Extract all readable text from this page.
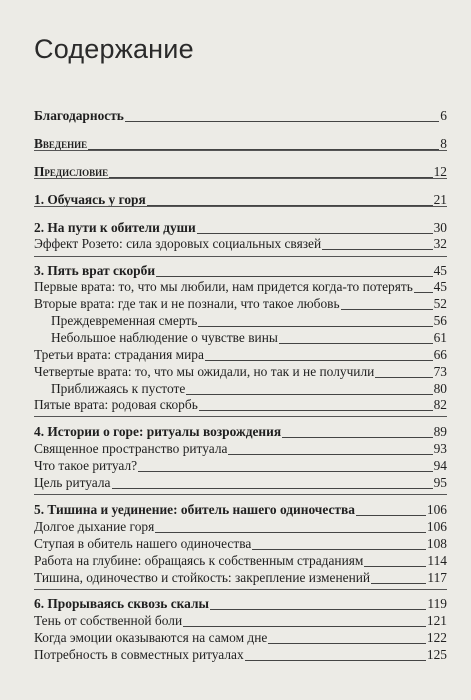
Содержание
Благодарность	6
Введение	8
Предисловие	12
1. Обучаясь у горя	21
2. На пути к обители души	30
Эффект Розето: сила здоровых социальных связей	32
3. Пять врат скорби	45
Первые врата: то, что мы любили, нам придется когда-то потерять 45
Вторые врата: где так и не познали, что такое любовь	52
Преждевременная смерть	56
Небольшое наблюдение о чувстве вины	61
Третьи врата: страдания мира	66
Четвертые врата: то, что мы ожидали, но так и не получили	73
Приближаясь к пустоте	80
Пятые врата: родовая скорбь	82
4. Истории о горе: ритуалы возрождения	89
Священное пространство ритуала	93
Что такое ритуал?	94
Цель ритуала	95
5. Тишина и уединение: обитель нашего одиночества	106
Долгое дыхание горя	106
Ступая в обитель нашего одиночества	108
Работа на глубине: обращаясь к собственным страданиям	114
Тишина, одиночество и стойкость: закрепление изменений	117
6. Прорываясь сквозь скалы	119
Тень от собственной боли	121
Когда эмоции оказываются на самом дне	122
Потребность в совместных ритуалах	125
